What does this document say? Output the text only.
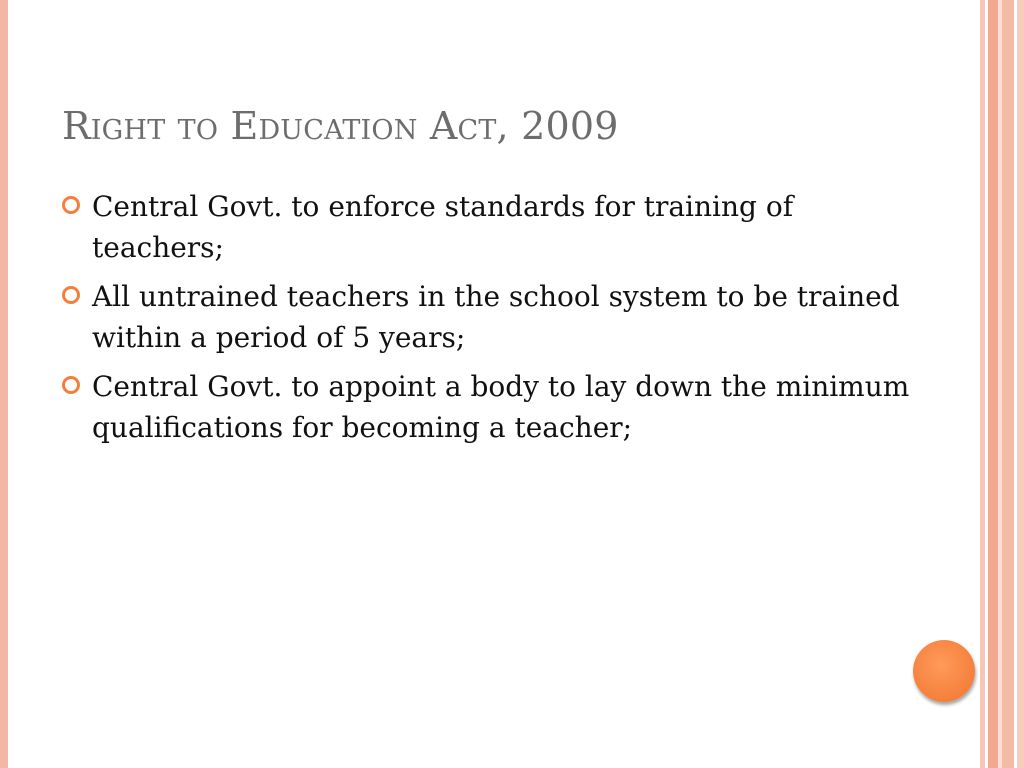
Right to Education Act, 2009
Central Govt. to enforce standards for training of teachers;
All untrained teachers in the school system to be trained within a period of 5 years;
Central Govt. to appoint a body to lay down the minimum qualifications for becoming a teacher;
